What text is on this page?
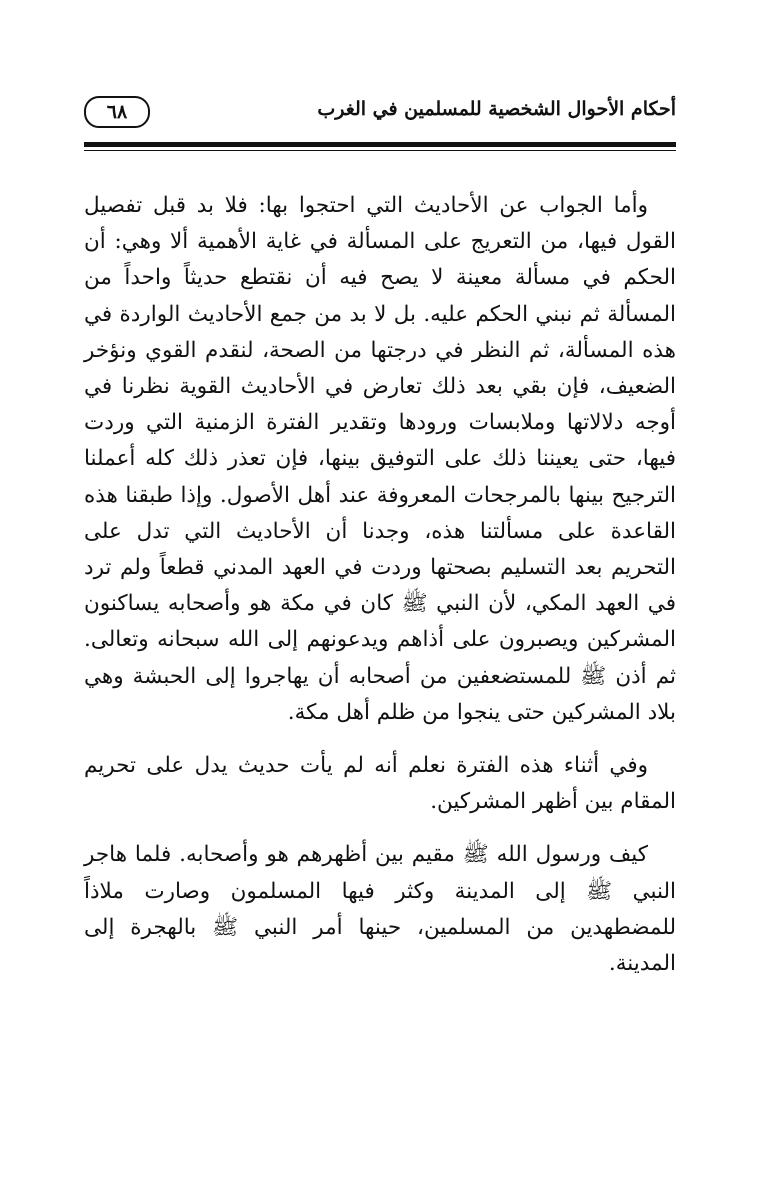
٦٨	أحكام الأحوال الشخصية للمسلمين في الغرب

وأما الجواب عن الأحاديث التي احتجوا بها: فلا بد قبل تفصيل القول فيها، من التعريج على المسألة في غاية الأهمية ألا وهي: أن الحكم في مسألة معينة لا يصح فيه أن نقتطع حديثاً واحداً من المسألة ثم نبني الحكم عليه. بل لا بد من جمع الأحاديث الواردة في هذه المسألة، ثم النظر في درجتها من الصحة، لنقدم القوي ونؤخر الضعيف، فإن بقي بعد ذلك تعارض في الأحاديث القوية نظرنا في أوجه دلالاتها وملابسات ورودها وتقدير الفترة الزمنية التي وردت فيها، حتى يعيننا ذلك على التوفيق بينها، فإن تعذر ذلك كله أعملنا الترجيح بينها بالمرجحات المعروفة عند أهل الأصول. وإذا طبقنا هذه القاعدة على مسألتنا هذه، وجدنا أن الأحاديث التي تدل على التحريم بعد التسليم بصحتها وردت في العهد المدني قطعاً ولم ترد في العهد المكي، لأن النبي ﷺ كان في مكة هو وأصحابه يساكنون المشركين ويصبرون على أذاهم ويدعونهم إلى الله سبحانه وتعالى. ثم أذن ﷺ للمستضعفين من أصحابه أن يهاجروا إلى الحبشة وهي بلاد المشركين حتى ينجوا من ظلم أهل مكة.

وفي أثناء هذه الفترة نعلم أنه لم يأت حديث يدل على تحريم المقام بين أظهر المشركين.

كيف ورسول الله ﷺ مقيم بين أظهرهم هو وأصحابه. فلما هاجر النبي ﷺ إلى المدينة وكثر فيها المسلمون وصارت ملاذاً للمضطهدين من المسلمين، حينها أمر النبي ﷺ بالهجرة إلى المدينة.
